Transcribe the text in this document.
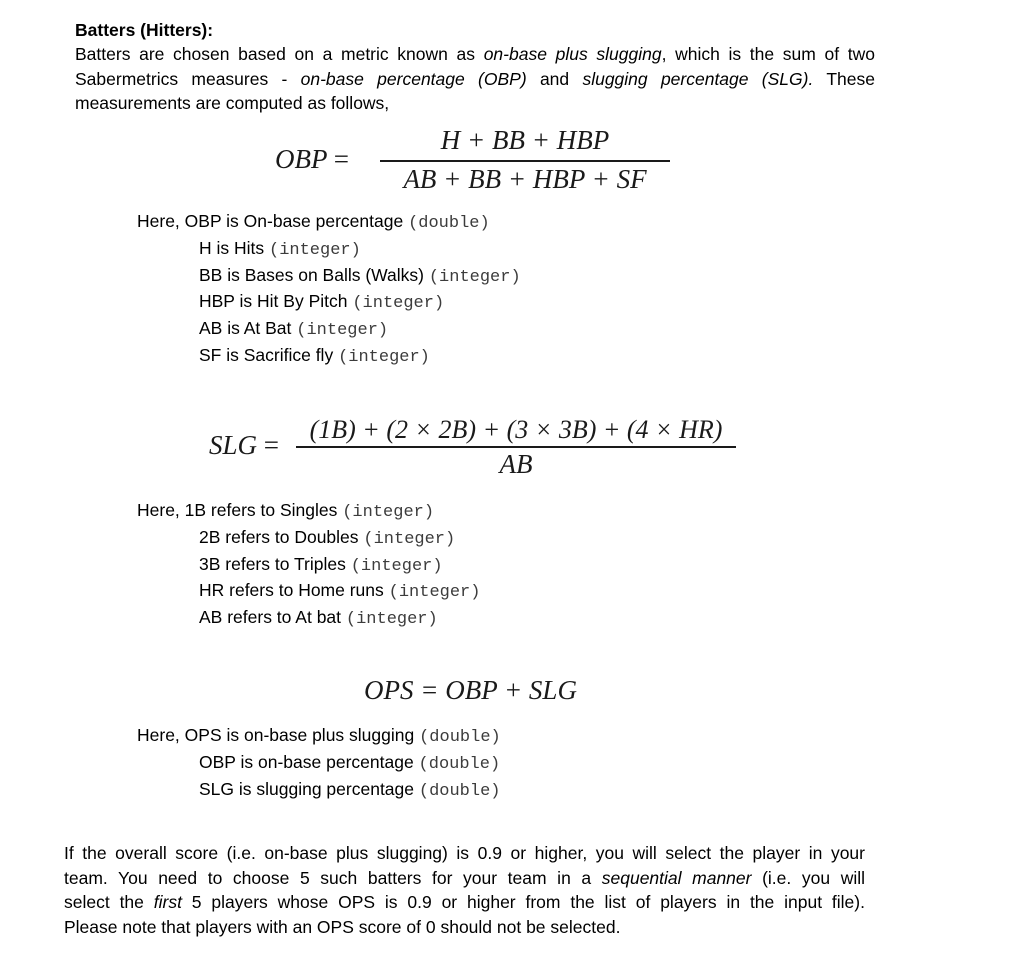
Batters (Hitters):
Batters are chosen based on a metric known as on-base plus slugging, which is the sum of two
Sabermetrics measures - on-base percentage (OBP) and slugging percentage (SLG). These
measurements are computed as follows,
OBP =
H + BB + HBP
AB + BB + HBP + SF
Here, OBP is On-base percentage (double)
H is Hits (integer)
BB is Bases on Balls (Walks) (integer)
HBP is Hit By Pitch (integer)
AB is At Bat (integer)
SF is Sacrifice fly (integer)
SLG =
(1B) + (2 × 2B) + (3 × 3B) + (4 × HR)
AB
Here, 1B refers to Singles (integer)
2B refers to Doubles (integer)
3B refers to Triples (integer)
HR refers to Home runs (integer)
AB refers to At bat (integer)
OPS = OBP + SLG
Here, OPS is on-base plus slugging (double)
OBP is on-base percentage (double)
SLG is slugging percentage (double)
If the overall score (i.e. on-base plus slugging) is 0.9 or higher, you will select the player in your
team. You need to choose 5 such batters for your team in a sequential manner (i.e. you will
select the first 5 players whose OPS is 0.9 or higher from the list of players in the input file).
Please note that players with an OPS score of 0 should not be selected.
